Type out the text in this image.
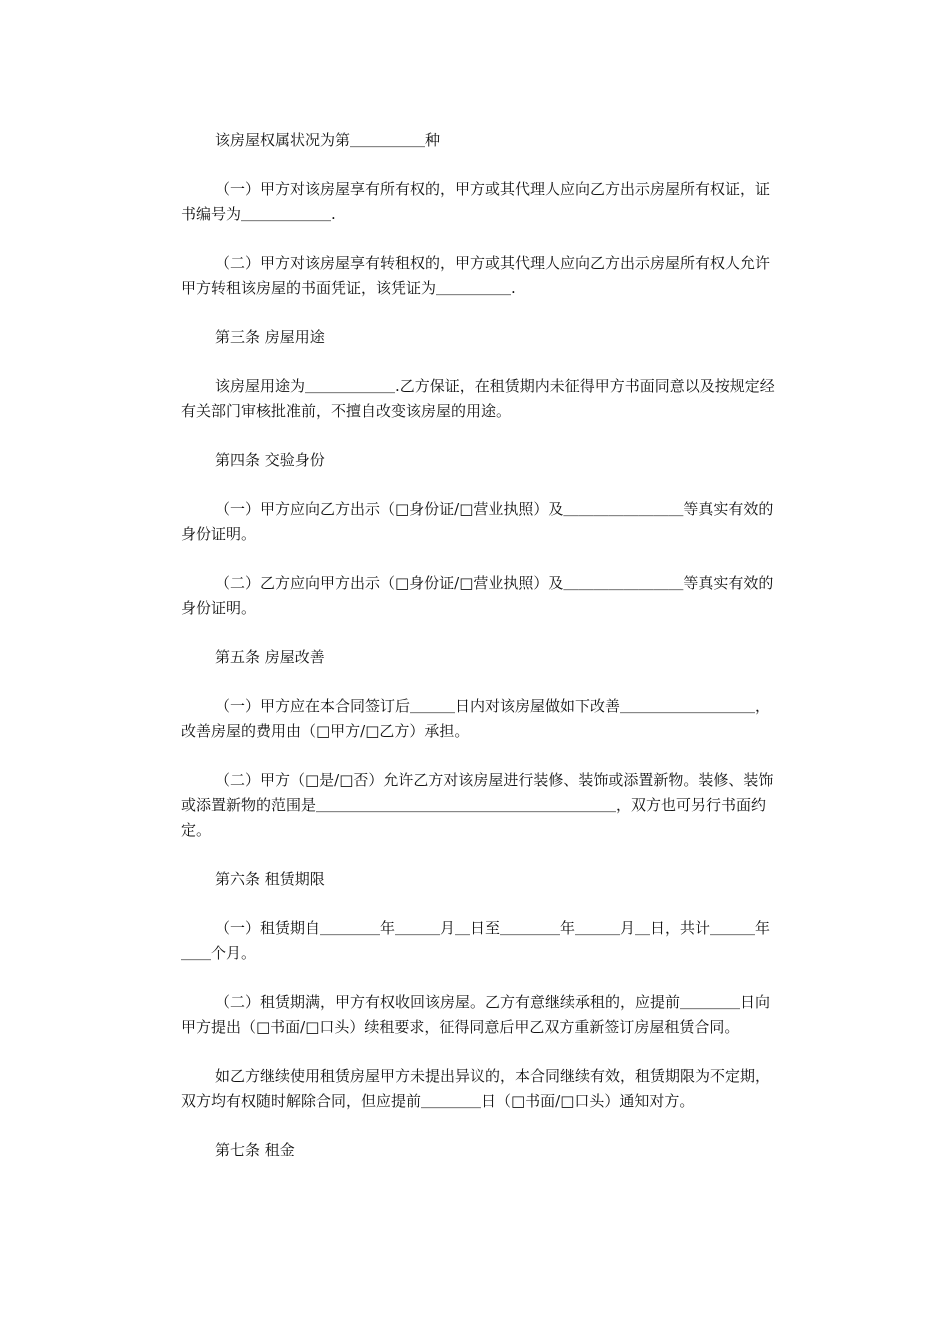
该房屋权属状况为第＿＿＿＿＿种

（一）甲方对该房屋享有所有权的，甲方或其代理人应向乙方出示房屋所有权证，证书编号为＿＿＿＿＿＿.

（二）甲方对该房屋享有转租权的，甲方或其代理人应向乙方出示房屋所有权人允许甲方转租该房屋的书面凭证，该凭证为＿＿＿＿＿.

第三条 房屋用途

该房屋用途为＿＿＿＿＿＿.乙方保证，在租赁期内未征得甲方书面同意以及按规定经有关部门审核批准前，不擅自改变该房屋的用途。

第四条 交验身份

（一）甲方应向乙方出示（□身份证/□营业执照）及＿＿＿＿＿＿＿＿等真实有效的身份证明。

（二）乙方应向甲方出示（□身份证/□营业执照）及＿＿＿＿＿＿＿＿等真实有效的身份证明。

第五条 房屋改善

（一）甲方应在本合同签订后＿＿＿日内对该房屋做如下改善＿＿＿＿＿＿＿＿＿，改善房屋的费用由（□甲方/□乙方）承担。

（二）甲方（□是/□否）允许乙方对该房屋进行装修、装饰或添置新物。装修、装饰或添置新物的范围是＿＿＿＿＿＿＿＿＿＿＿＿＿＿＿＿＿＿＿＿，双方也可另行书面约定。

第六条 租赁期限

（一）租赁期自＿＿＿＿年＿＿＿月＿日至＿＿＿＿年＿＿＿月＿日，共计＿＿＿年＿＿个月。

（二）租赁期满，甲方有权收回该房屋。乙方有意继续承租的，应提前＿＿＿＿日向甲方提出（□书面/□口头）续租要求，征得同意后甲乙双方重新签订房屋租赁合同。

如乙方继续使用租赁房屋甲方未提出异议的，本合同继续有效，租赁期限为不定期，双方均有权随时解除合同，但应提前＿＿＿＿日（□书面/□口头）通知对方。

第七条 租金
